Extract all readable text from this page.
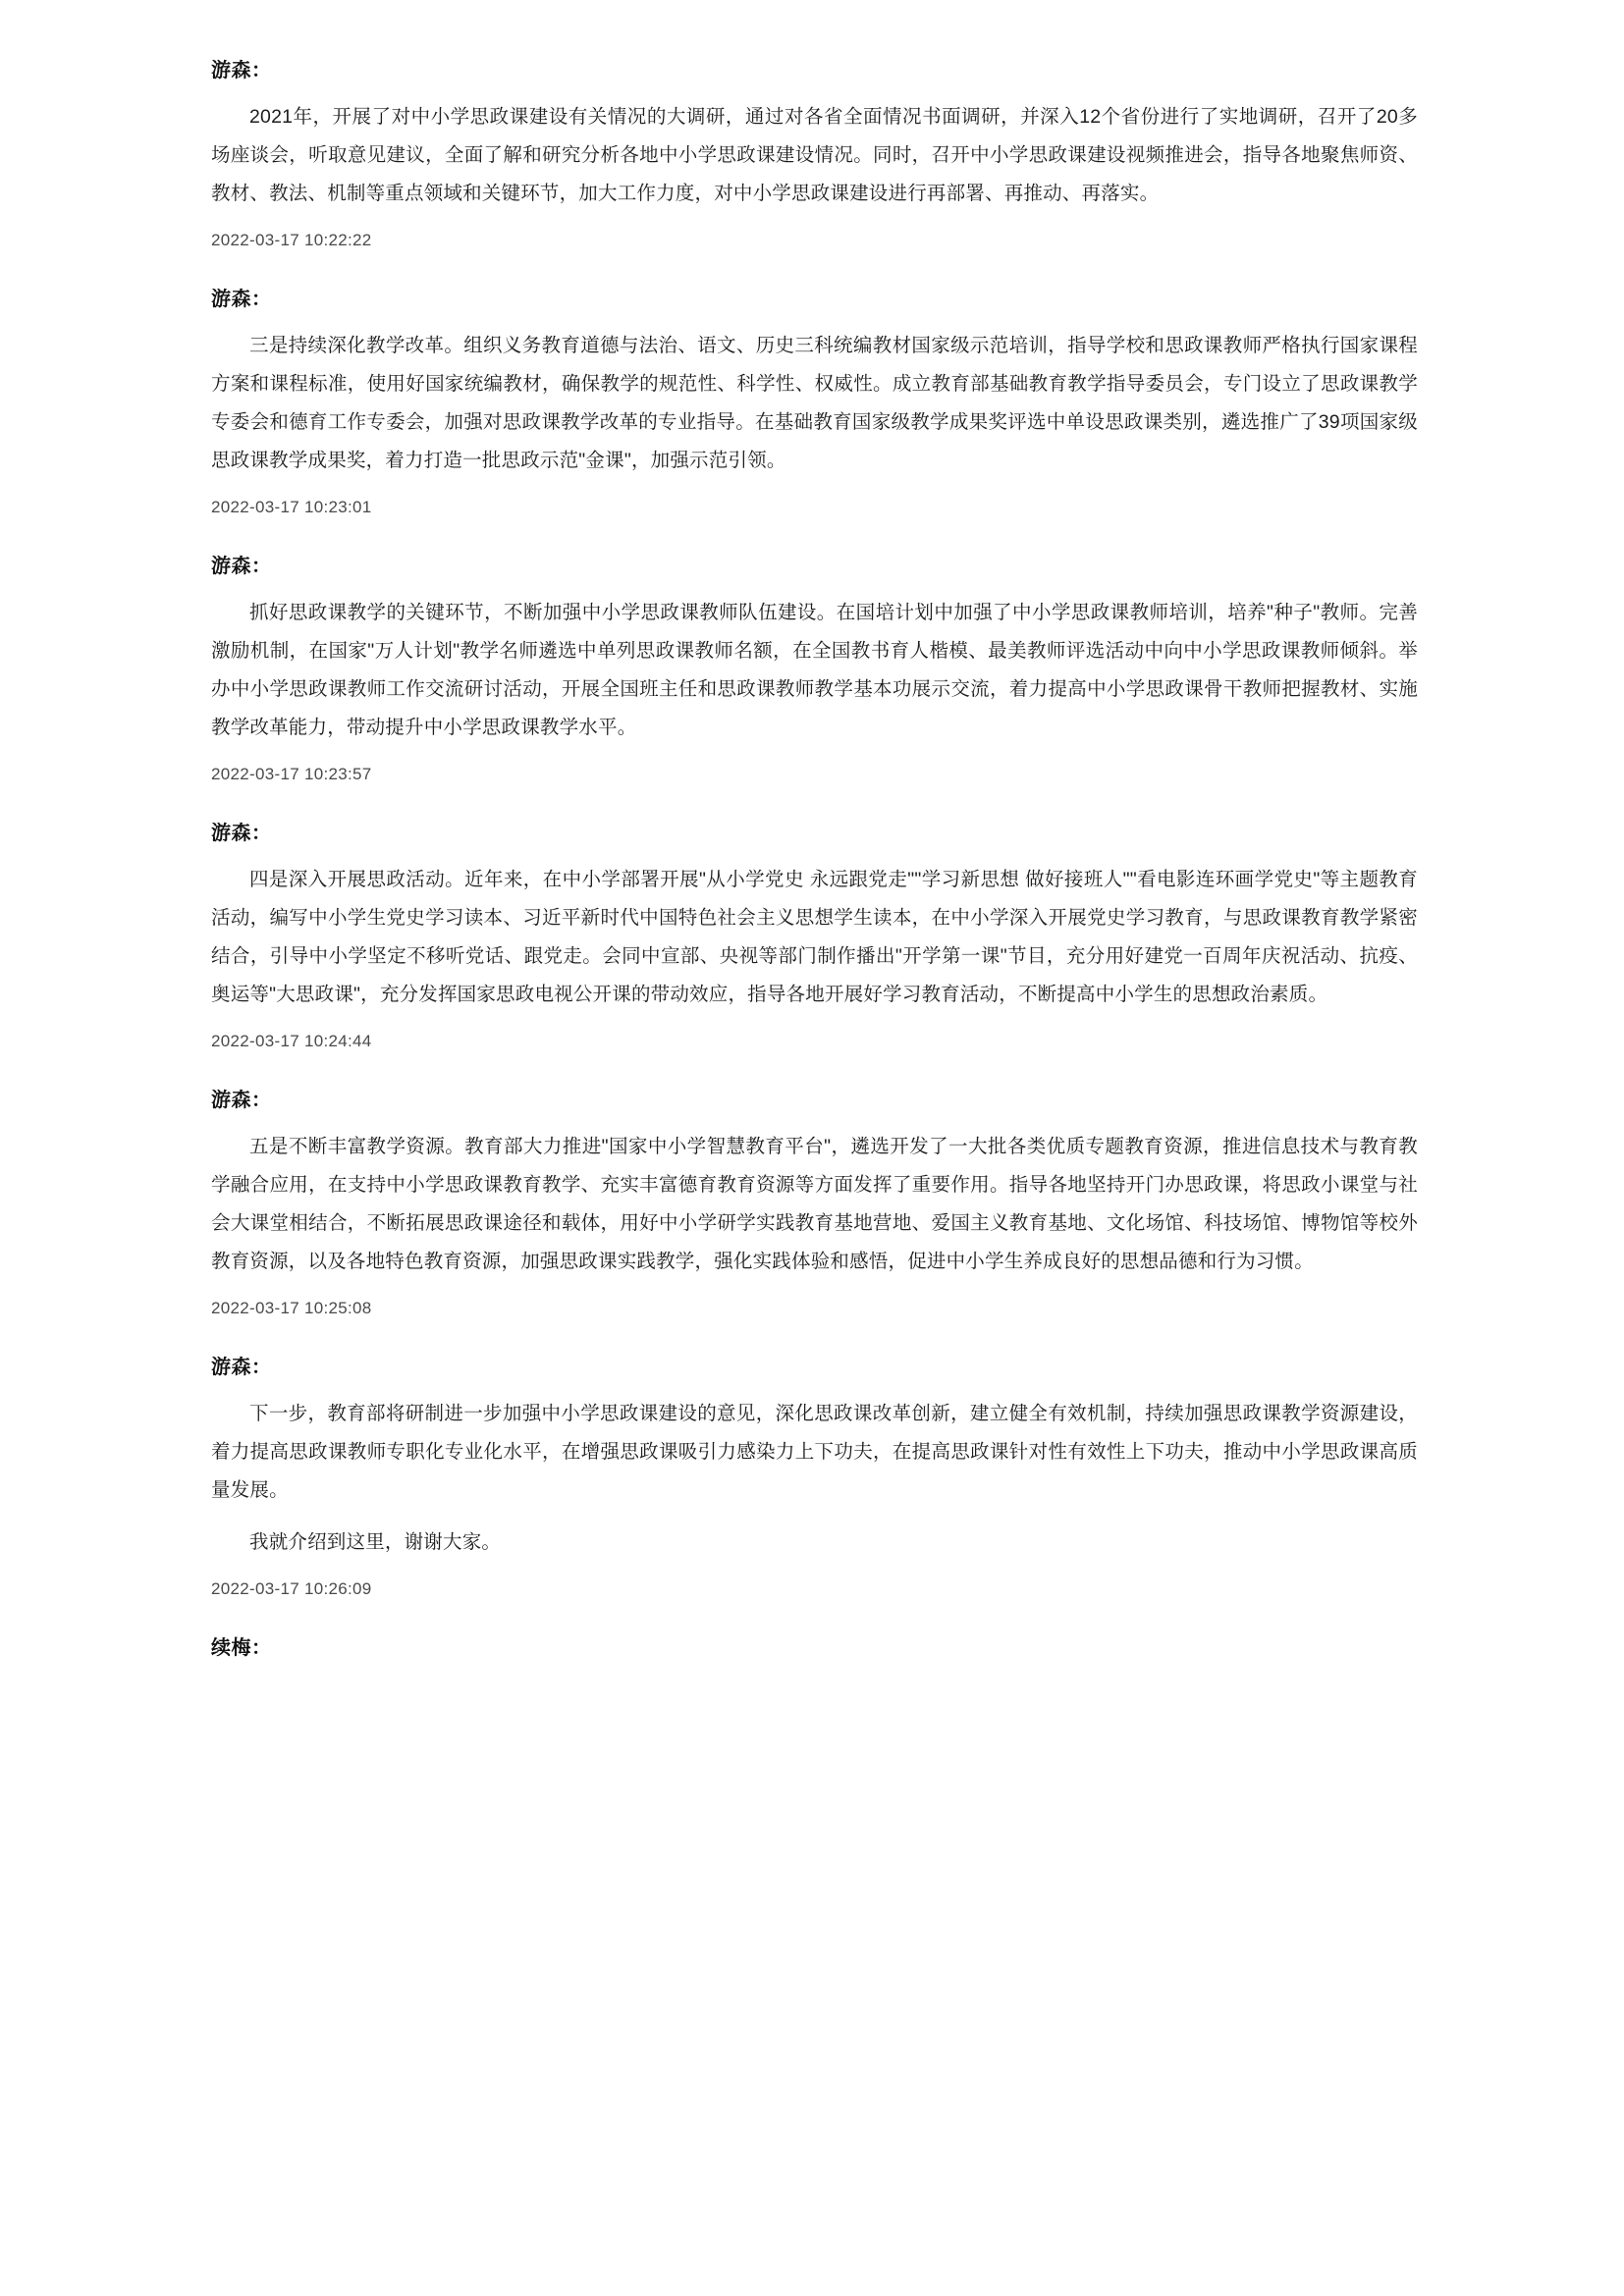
游森：

2021年，开展了对中小学思政课建设有关情况的大调研，通过对各省全面情况书面调研，并深入12个省份进行了实地调研，召开了20多场座谈会，听取意见建议，全面了解和研究分析各地中小学思政课建设情况。同时，召开中小学思政课建设视频推进会，指导各地聚焦师资、教材、教法、机制等重点领域和关键环节，加大工作力度，对中小学思政课建设进行再部署、再推动、再落实。

2022-03-17 10:22:22
游森：

三是持续深化教学改革。组织义务教育道德与法治、语文、历史三科统编教材国家级示范培训，指导学校和思政课教师严格执行国家课程方案和课程标准，使用好国家统编教材，确保教学的规范性、科学性、权威性。成立教育部基础教育教学指导委员会，专门设立了思政课教学专委会和德育工作专委会，加强对思政课教学改革的专业指导。在基础教育国家级教学成果奖评选中单设思政课类别，遴选推广了39项国家级思政课教学成果奖，着力打造一批思政示范"金课"，加强示范引领。

2022-03-17 10:23:01
游森：

抓好思政课教学的关键环节，不断加强中小学思政课教师队伍建设。在国培计划中加强了中小学思政课教师培训，培养"种子"教师。完善激励机制，在国家"万人计划"教学名师遴选中单列思政课教师名额，在全国教书育人楷模、最美教师评选活动中向中小学思政课教师倾斜。举办中小学思政课教师工作交流研讨活动，开展全国班主任和思政课教师教学基本功展示交流，着力提高中小学思政课骨干教师把握教材、实施教学改革能力，带动提升中小学思政课教学水平。

2022-03-17 10:23:57
游森：

四是深入开展思政活动。近年来，在中小学部署开展"从小学党史 永远跟党走""学习新思想 做好接班人""看电影连环画学党史"等主题教育活动，编写中小学生党史学习读本、习近平新时代中国特色社会主义思想学生读本，在中小学深入开展党史学习教育，与思政课教育教学紧密结合，引导中小学坚定不移听党话、跟党走。会同中宣部、央视等部门制作播出"开学第一课"节目，充分用好建党一百周年庆祝活动、抗疫、奥运等"大思政课"，充分发挥国家思政电视公开课的带动效应，指导各地开展好学习教育活动，不断提高中小学生的思想政治素质。

2022-03-17 10:24:44
游森：

五是不断丰富教学资源。教育部大力推进"国家中小学智慧教育平台"，遴选开发了一大批各类优质专题教育资源，推进信息技术与教育教学融合应用，在支持中小学思政课教育教学、充实丰富德育教育资源等方面发挥了重要作用。指导各地坚持开门办思政课，将思政小课堂与社会大课堂相结合，不断拓展思政课途径和载体，用好中小学研学实践教育基地营地、爱国主义教育基地、文化场馆、科技场馆、博物馆等校外教育资源，以及各地特色教育资源，加强思政课实践教学，强化实践体验和感悟，促进中小学生养成良好的思想品德和行为习惯。

2022-03-17 10:25:08
游森：

下一步，教育部将研制进一步加强中小学思政课建设的意见，深化思政课改革创新，建立健全有效机制，持续加强思政课教学资源建设，着力提高思政课教师专职化专业化水平，在增强思政课吸引力感染力上下功夫，在提高思政课针对性有效性上下功夫，推动中小学思政课高质量发展。

我就介绍到这里，谢谢大家。

2022-03-17 10:26:09
续梅：
